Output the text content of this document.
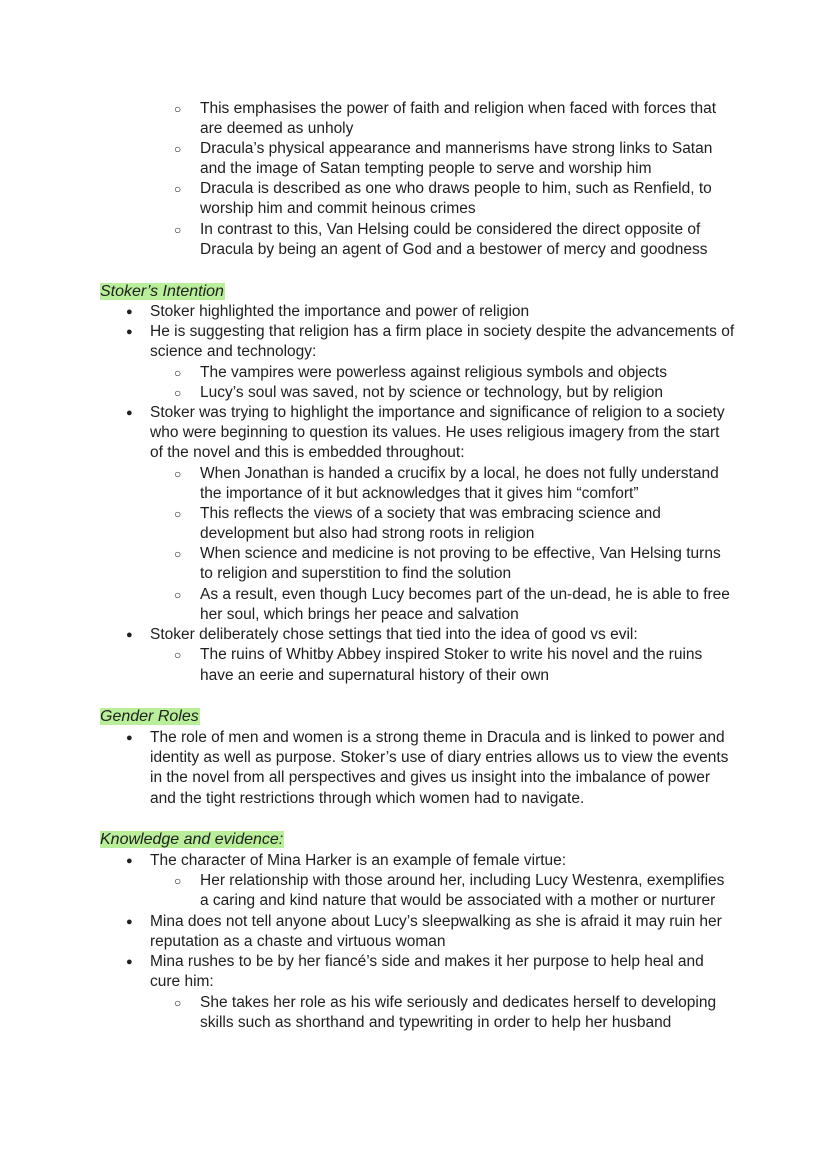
○ This emphasises the power of faith and religion when faced with forces that
are deemed as unholy
○ Dracula’s physical appearance and mannerisms have strong links to Satan
and the image of Satan tempting people to serve and worship him
○ Dracula is described as one who draws people to him, such as Renfield, to
worship him and commit heinous crimes
○ In contrast to this, Van Helsing could be considered the direct opposite of
Dracula by being an agent of God and a bestower of mercy and goodness
Stoker’s Intention
● Stoker highlighted the importance and power of religion
● He is suggesting that religion has a firm place in society despite the advancements of
science and technology:
○ The vampires were powerless against religious symbols and objects
○ Lucy’s soul was saved, not by science or technology, but by religion
● Stoker was trying to highlight the importance and significance of religion to a society
who were beginning to question its values. He uses religious imagery from the start
of the novel and this is embedded throughout:
○ When Jonathan is handed a crucifix by a local, he does not fully understand
the importance of it but acknowledges that it gives him “comfort”
○ This reflects the views of a society that was embracing science and
development but also had strong roots in religion
○ When science and medicine is not proving to be effective, Van Helsing turns
to religion and superstition to find the solution
○ As a result, even though Lucy becomes part of the un-dead, he is able to free
her soul, which brings her peace and salvation
● Stoker deliberately chose settings that tied into the idea of good vs evil:
○ The ruins of Whitby Abbey inspired Stoker to write his novel and the ruins
have an eerie and supernatural history of their own
Gender Roles
● The role of men and women is a strong theme in Dracula and is linked to power and
identity as well as purpose. Stoker’s use of diary entries allows us to view the events
in the novel from all perspectives and gives us insight into the imbalance of power
and the tight restrictions through which women had to navigate.
Knowledge and evidence:
● The character of Mina Harker is an example of female virtue:
○ Her relationship with those around her, including Lucy Westenra, exemplifies
a caring and kind nature that would be associated with a mother or nurturer
● Mina does not tell anyone about Lucy’s sleepwalking as she is afraid it may ruin her
reputation as a chaste and virtuous woman
● Mina rushes to be by her fiancé’s side and makes it her purpose to help heal and
cure him:
○ She takes her role as his wife seriously and dedicates herself to developing
skills such as shorthand and typewriting in order to help her husband
